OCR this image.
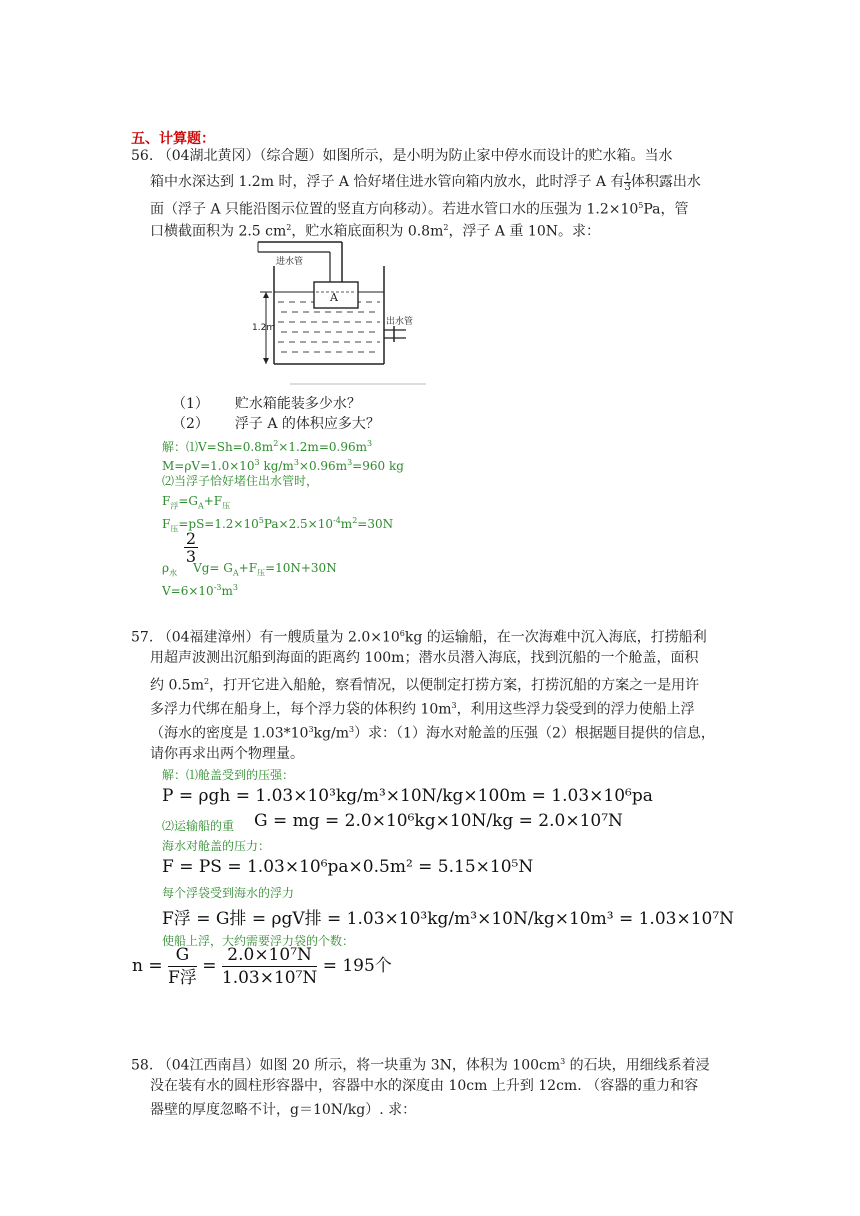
五、计算题：
56. （04湖北黄冈）（综合题）如图所示，是小明为防止家中停水而设计的贮水箱。当水
箱中水深达到 1.2m 时，浮子 A 恰好堵住进水管向箱内放水，此时浮子 A 有 $\frac{1}{3}$ 体积露出水
面（浮子 A 只能沿图示位置的竖直方向移动）。若进水管口水的压强为 $1.2\times 10^5Pa$，管
口横截面积为 2.5 $cm^2$，贮水箱底面积为 $0.8m^2$，浮子 A 重 10N。求：
A
1.2m
进水管
出水管
（1） 贮水箱能装多少水？
（2） 浮子 A 的体积应多大？
解：$⑴V=Sh=0.8m^2\times 1.2m=0.96m^3$
$M=\rho V=1.0\times 10^3$ $kg/m^3\times 0.96m^3=960$ kg
⑵当浮子恰好堵住出水管时，
$F_浮=G_A+F_压$
$F_压=pS=1.2\times 10^5Pa\times 2.5\times 10^{-4}m^2=30N$
2
3
$\rho_水$ $Vg= G_A+F_压=10N+30N$
$V=6\times 10^{-3}m^3$
57. （04福建漳州）有一艘质量为 $2.0\times 10^6kg$ 的运输船，在一次海难中沉入海底，打捞船利
用超声波测出沉船到海面的距离约 100m；潜水员潜入海底，找到沉船的一个舱盖，面积
约 $0.5m^2$，打开它进入船舱，察看情况，以便制定打捞方案，打捞沉船的方案之一是用许
多浮力代绑在船身上，每个浮力袋的体积约 $10m^3$，利用这些浮力袋受到的浮力使船上浮
（海水的密度是 $1.03*10^3kg/m^3$）求：（1）海水对舱盖的压强（2）根据题目提供的信息，
请你再求出两个物理量。
解：⑴舱盖受到的压强：
P = ρgh = 1.03×10³kg/m³×10N/kg×100m = 1.03×10⁶pa
⑵运输船的重 G = mg = 2.0×10⁶kg×10N/kg = 2.0×10⁷N
海水对舱盖的压力：
F = PS = 1.03×10⁶pa×0.5m² = 5.15×10⁵N
每个浮袋受到海水的浮力
F浮 = G排 = ρgV排 = 1.03×10³kg/m³×10N/kg×10m³ = 1.03×10⁷N
使船上浮，大约需要浮力袋的个数：
n =
G
F浮
= $\frac{\text{2.0×10⁷N}}{\text{1.03×10⁷N}} = 195$个
58. （04江西南昌）如图 20 所示，将一块重为 3N，体积为 $100cm^3$ 的石块，用细线系着浸
没在装有水的圆柱形容器中，容器中水的深度由 10cm 上升到 12cm. （容器的重力和容
器壁的厚度忽略不计，g＝10N/kg）. 求：
